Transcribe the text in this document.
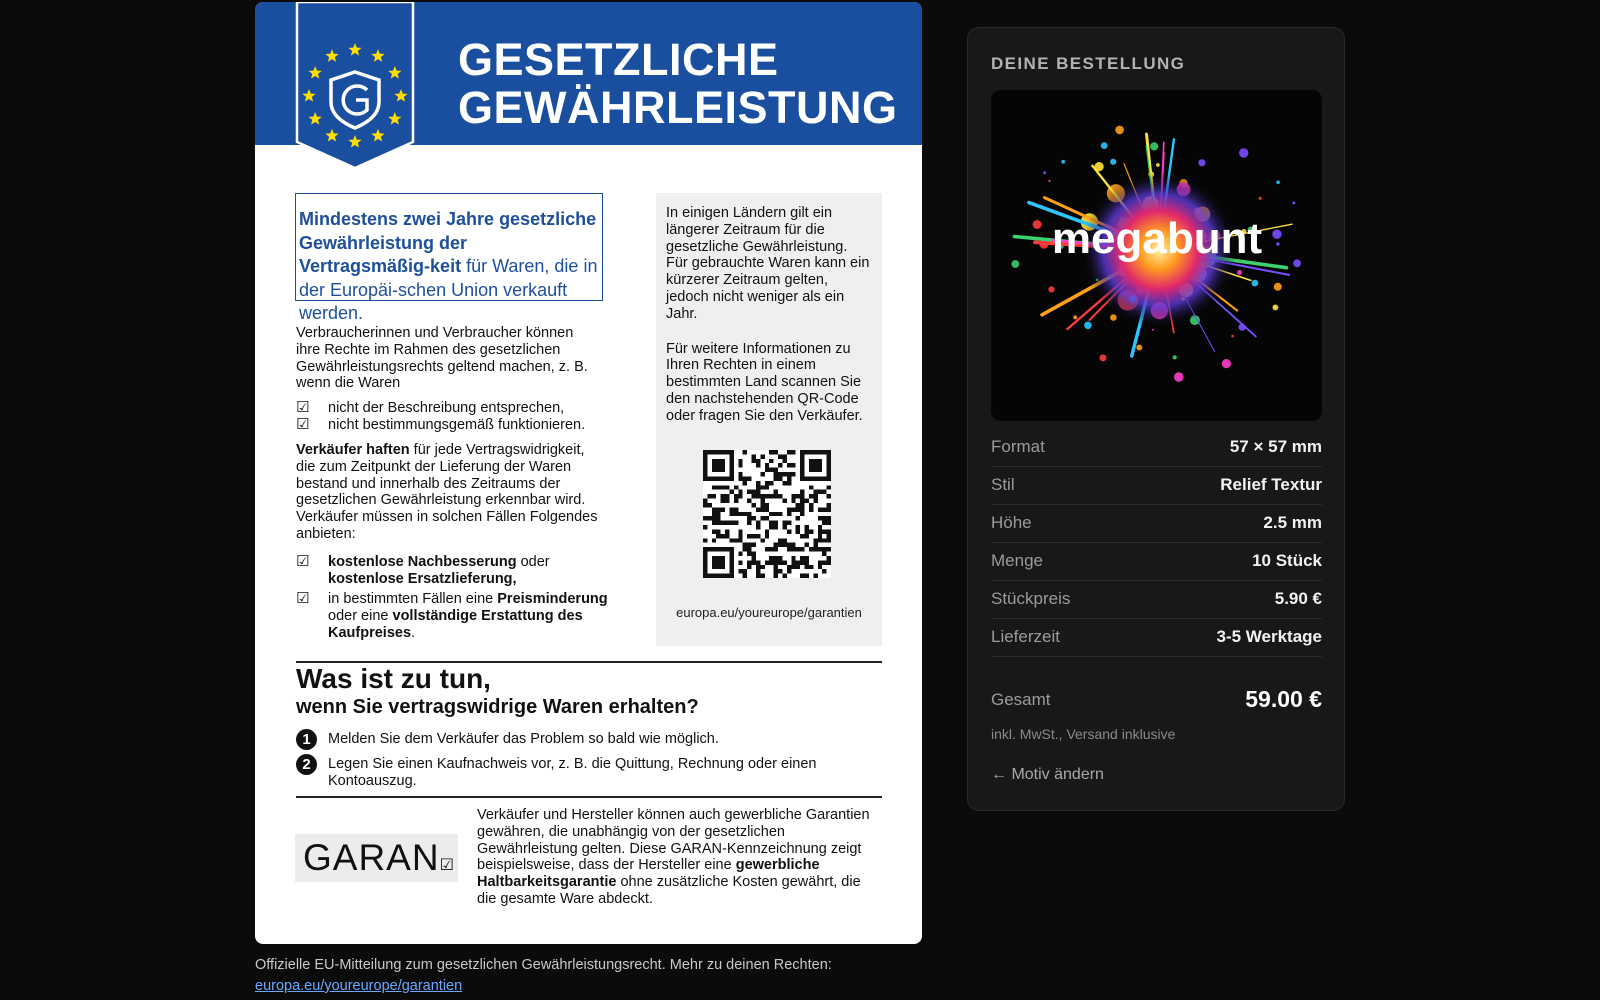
GESETZLICHE
GEWÄHRLEISTUNG
Mindestens zwei Jahre gesetzliche Gewährleistung der Vertragsmäßig-keit für Waren, die in der Europäi-schen Union verkauft werden.

Verbraucherinnen und Verbraucher können ihre Rechte im Rahmen des gesetzlichen Gewährleistungsrechts geltend machen, z. B. wenn die Waren

☑	nicht der Beschreibung entsprechen,
☑	nicht bestimmungsgemäß funktionieren.

Verkäufer haften für jede Vertragswidrigkeit, die zum Zeitpunkt der Lieferung der Waren bestand und innerhalb des Zeitraums der gesetzlichen Gewährleistung erkennbar wird. Verkäufer müssen in solchen Fällen Folgendes anbieten:

☑	kostenlose Nachbesserung oder
kostenlose Ersatzlieferung,
☑	in bestimmten Fällen eine Preisminderung oder eine vollständige Erstattung des Kaufpreises.

In einigen Ländern gilt ein längerer Zeitraum für die gesetzliche Gewährleistung. Für gebrauchte Waren kann ein kürzerer Zeitraum gelten, jedoch nicht weniger als ein Jahr.

Für weitere Informationen zu Ihren Rechten in einem bestimmten Land scannen Sie den nachstehenden QR-Code oder fragen Sie den Verkäufer.

europa.eu/youreurope/garantien
Was ist zu tun,
wenn Sie vertragswidrige Waren erhalten?
1	Melden Sie dem Verkäufer das Problem so bald wie möglich.
2	Legen Sie einen Kaufnachweis vor, z. B. die Quittung, Rechnung oder einen Kontoauszug.
GARAN☑

Verkäufer und Hersteller können auch gewerbliche Garantien gewähren, die unabhängig von der gesetzlichen Gewährleistung gelten. Diese GARAN-Kennzeichnung zeigt beispielsweise, dass der Hersteller eine gewerbliche Haltbarkeitsgarantie ohne zusätzliche Kosten gewährt, die die gesamte Ware abdeckt.

Offizielle EU-Mitteilung zum gesetzlichen Gewährleistungsrecht. Mehr zu deinen Rechten:
europa.eu/youreurope/garantien
DEINE BESTELLUNG
megabunt
Format	57 × 57 mm
Stil	Relief Textur
Höhe	2.5 mm
Menge	10 Stück
Stückpreis	5.90 €
Lieferzeit	3-5 Werktage
Gesamt	59.00 €
inkl. MwSt., Versand inklusive
← Motiv ändern
